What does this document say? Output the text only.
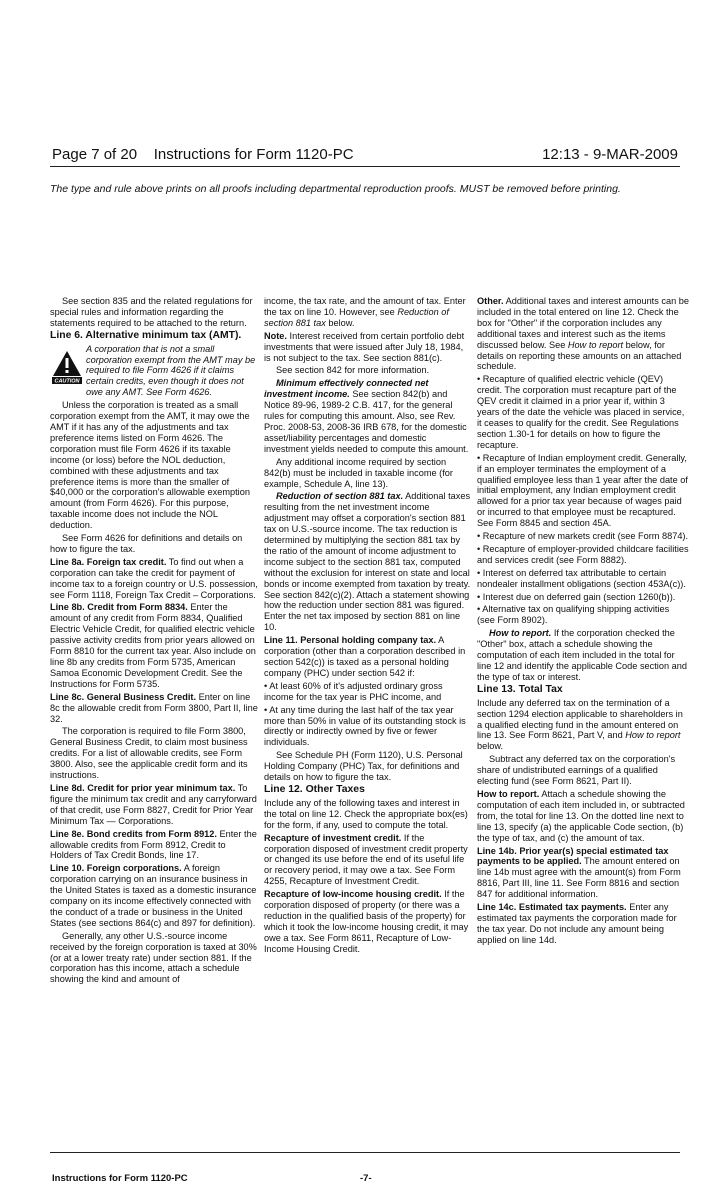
Page 7 of 20 Instructions for Form 1120-PC	12:13 - 9-MAR-2009
The type and rule above prints on all proofs including departmental reproduction proofs. MUST be removed before printing.

See section 835 and the related regulations for special rules and information regarding the statements required to be attached to the return.

Line 6. Alternative minimum tax (AMT).

CAUTION
A corporation that is not a small corporation exempt from the AMT may be required to file Form 4626 if it claims certain credits, even though it does not owe any AMT. See Form 4626.

Unless the corporation is treated as a small corporation exempt from the AMT, it may owe the AMT if it has any of the adjustments and tax preference items listed on Form 4626. The corporation must file Form 4626 if its taxable income (or loss) before the NOL deduction, combined with these adjustments and tax preference items is more than the smaller of $40,000 or the corporation's allowable exemption amount (from Form 4626). For this purpose, taxable income does not include the NOL deduction.

See Form 4626 for definitions and details on how to figure the tax.

Line 8a. Foreign tax credit. To find out when a corporation can take the credit for payment of income tax to a foreign country or U.S. possession, see Form 1118, Foreign Tax Credit – Corporations.

Line 8b. Credit from Form 8834. Enter the amount of any credit from Form 8834, Qualified Electric Vehicle Credit, for qualified electric vehicle passive activity credits from prior years allowed on Form 8810 for the current tax year. Also include on line 8b any credits from Form 5735, American Samoa Economic Development Credit. See the Instructions for Form 5735.

Line 8c. General Business Credit. Enter on line 8c the allowable credit from Form 3800, Part II, line 32.

The corporation is required to file Form 3800, General Business Credit, to claim most business credits. For a list of allowable credits, see Form 3800. Also, see the applicable credit form and its instructions.

Line 8d. Credit for prior year minimum tax. To figure the minimum tax credit and any carryforward of that credit, use Form 8827, Credit for Prior Year Minimum Tax — Corporations.

Line 8e. Bond credits from Form 8912. Enter the allowable credits from Form 8912, Credit to Holders of Tax Credit Bonds, line 17.

Line 10. Foreign corporations. A foreign corporation carrying on an insurance business in the United States is taxed as a domestic insurance company on its income effectively connected with the conduct of a trade or business in the United States (see sections 864(c) and 897 for definition).

Generally, any other U.S.-source income received by the foreign corporation is taxed at 30% (or at a lower treaty rate) under section 881. If the corporation has this income, attach a schedule showing the kind and amount of

income, the tax rate, and the amount of tax. Enter the tax on line 10. However, see Reduction of section 881 tax below.

Note. Interest received from certain portfolio debt investments that were issued after July 18, 1984, is not subject to the tax. See section 881(c).

See section 842 for more information.

Minimum effectively connected net investment income. See section 842(b) and Notice 89-96, 1989-2 C.B. 417, for the general rules for computing this amount. Also, see Rev. Proc. 2008-53, 2008-36 IRB 678, for the domestic asset/liability percentages and domestic investment yields needed to compute this amount.

Any additional income required by section 842(b) must be included in taxable income (for example, Schedule A, line 13).

Reduction of section 881 tax. Additional taxes resulting from the net investment income adjustment may offset a corporation's section 881 tax on U.S.-source income. The tax reduction is determined by multiplying the section 881 tax by the ratio of the amount of income adjustment to income subject to the section 881 tax, computed without the exclusion for interest on state and local bonds or income exempted from taxation by treaty. See section 842(c)(2). Attach a statement showing how the reduction under section 881 was figured. Enter the net tax imposed by section 881 on line 10.

Line 11. Personal holding company tax. A corporation (other than a corporation described in section 542(c)) is taxed as a personal holding company (PHC) under section 542 if:

• At least 60% of it's adjusted ordinary gross income for the tax year is PHC income, and

• At any time during the last half of the tax year more than 50% in value of its outstanding stock is directly or indirectly owned by five or fewer individuals.

See Schedule PH (Form 1120), U.S. Personal Holding Company (PHC) Tax, for definitions and details on how to figure the tax.

Line 12. Other Taxes

Include any of the following taxes and interest in the total on line 12. Check the appropriate box(es) for the form, if any, used to compute the total.

Recapture of investment credit. If the corporation disposed of investment credit property or changed its use before the end of its useful life or recovery period, it may owe a tax. See Form 4255, Recapture of Investment Credit.

Recapture of low-income housing credit. If the corporation disposed of property (or there was a reduction in the qualified basis of the property) for which it took the low-income housing credit, it may owe a tax. See Form 8611, Recapture of Low-Income Housing Credit.

Other. Additional taxes and interest amounts can be included in the total entered on line 12. Check the box for "Other" if the corporation includes any additional taxes and interest such as the items discussed below. See How to report below, for details on reporting these amounts on an attached schedule.

• Recapture of qualified electric vehicle (QEV) credit. The corporation must recapture part of the QEV credit it claimed in a prior year if, within 3 years of the date the vehicle was placed in service, it ceases to qualify for the credit. See Regulations section 1.30-1 for details on how to figure the recapture.

• Recapture of Indian employment credit. Generally, if an employer terminates the employment of a qualified employee less than 1 year after the date of initial employment, any Indian employment credit allowed for a prior tax year because of wages paid or incurred to that employee must be recaptured. See Form 8845 and section 45A.

• Recapture of new markets credit (see Form 8874).

• Recapture of employer-provided childcare facilities and services credit (see Form 8882).

• Interest on deferred tax attributable to certain nondealer installment obligations (section 453A(c)).

• Interest due on deferred gain (section 1260(b)).

• Alternative tax on qualifying shipping activities (see Form 8902).

How to report. If the corporation checked the "Other" box, attach a schedule showing the computation of each item included in the total for line 12 and identify the applicable Code section and the type of tax or interest.

Line 13. Total Tax

Include any deferred tax on the termination of a section 1294 election applicable to shareholders in a qualified electing fund in the amount entered on line 13. See Form 8621, Part V, and How to report below.

Subtract any deferred tax on the corporation's share of undistributed earnings of a qualified electing fund (see Form 8621, Part II).

How to report. Attach a schedule showing the computation of each item included in, or subtracted from, the total for line 13. On the dotted line next to line 13, specify (a) the applicable Code section, (b) the type of tax, and (c) the amount of tax.

Line 14b. Prior year(s) special estimated tax payments to be applied. The amount entered on line 14b must agree with the amount(s) from Form 8816, Part III, line 11. See Form 8816 and section 847 for additional information.

Line 14c. Estimated tax payments. Enter any estimated tax payments the corporation made for the tax year. Do not include any amount being applied on line 14d.

Instructions for Form 1120-PC	-7-
